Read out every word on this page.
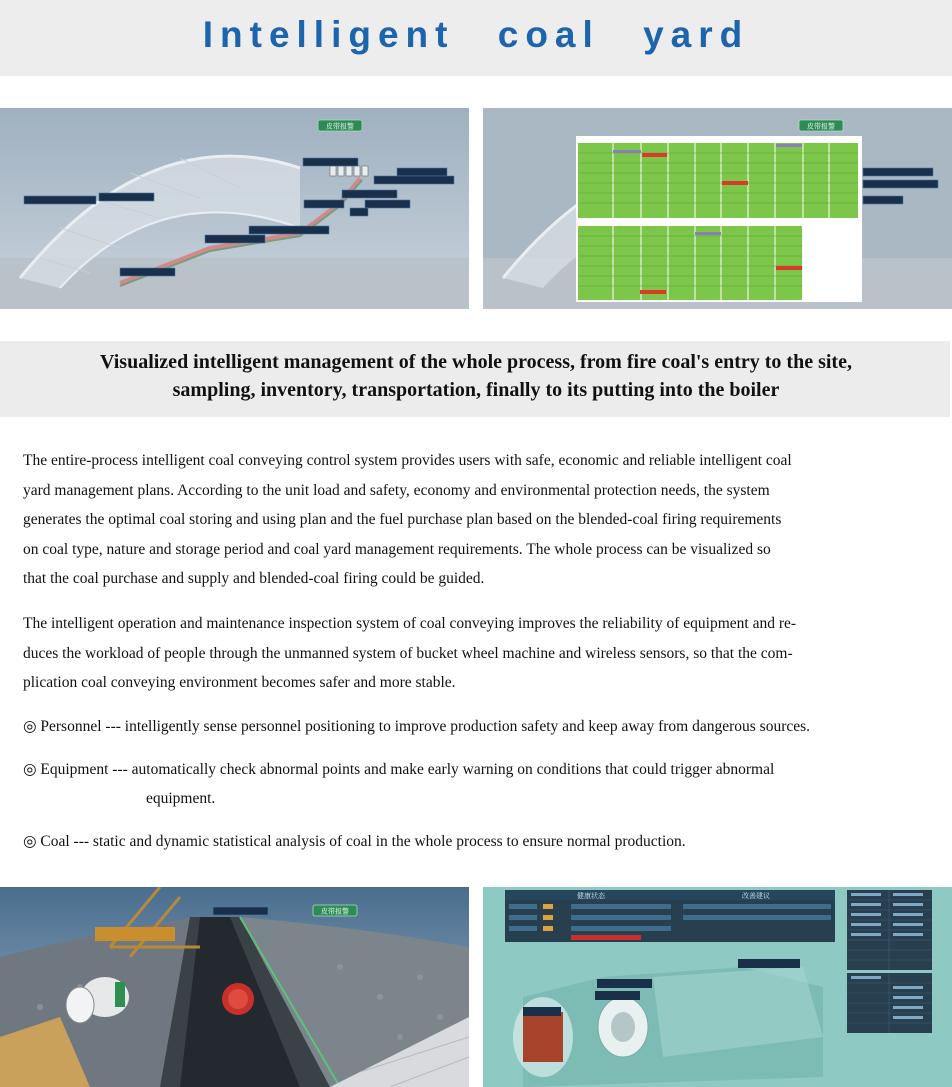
Intelligent coal yard
皮带报警	皮带报警
Visualized intelligent management of the whole process, from fire coal's entry to the site,
sampling, inventory, transportation, finally to its putting into the boiler
The entire-process intelligent coal conveying control system provides users with safe, economic and reliable intelligent coal
yard management plans. According to the unit load and safety, economy and environmental protection needs, the system
generates the optimal coal storing and using plan and the fuel purchase plan based on the blended-coal firing requirements
on coal type, nature and storage period and coal yard management requirements. The whole process can be visualized so
that the coal purchase and supply and blended-coal firing could be guided.
The intelligent operation and maintenance inspection system of coal conveying improves the reliability of equipment and re-
duces the workload of people through the unmanned system of bucket wheel machine and wireless sensors, so that the com-
plication coal conveying environment becomes safer and more stable.
◎ Personnel --- intelligently sense personnel positioning to improve production safety and keep away from dangerous sources.
◎ Equipment --- automatically check abnormal points and make early warning on conditions that could trigger abnormal
equipment.
◎ Coal --- static and dynamic statistical analysis of coal in the whole process to ensure normal production.
皮带报警
健康状态	改善建议
